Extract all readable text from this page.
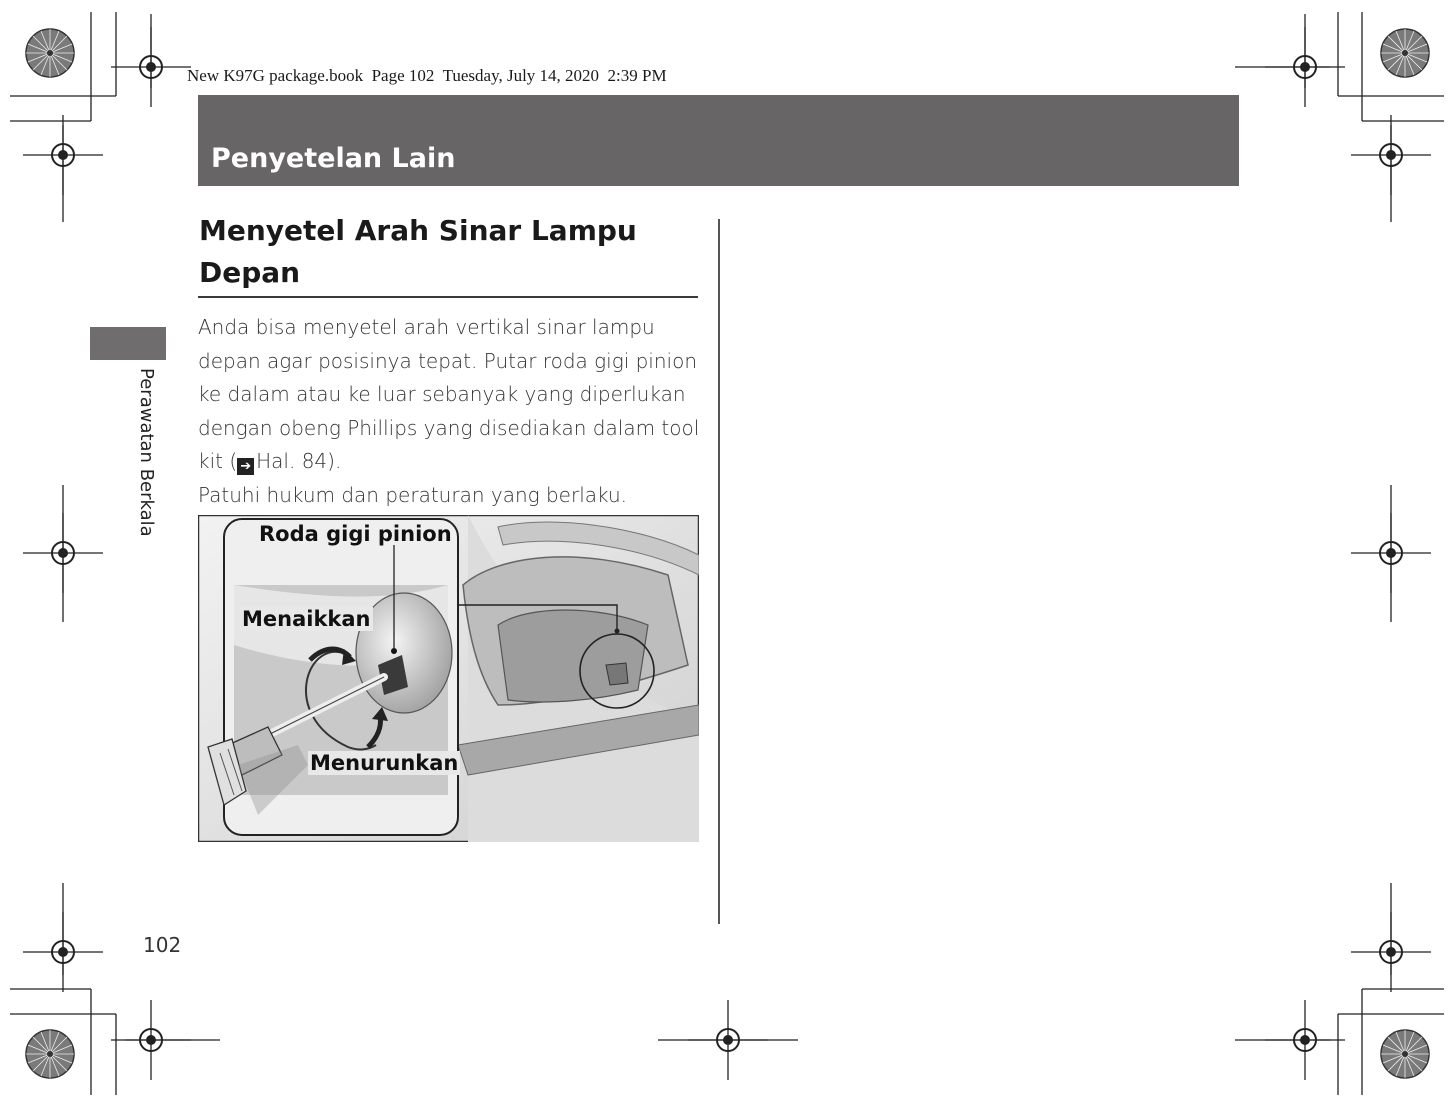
New K97G package.book  Page 102  Tuesday, July 14, 2020  2:39 PM
Penyetelan Lain
Perawatan Berkala
Menyetel Arah Sinar Lampu Depan

Anda bisa menyetel arah vertikal sinar lampu depan agar posisinya tepat. Putar roda gigi pinion ke dalam atau ke luar sebanyak yang diperlukan dengan obeng Phillips yang disediakan dalam tool kit ( ➔ Hal. 84).

Patuhi hukum dan peraturan yang berlaku.

Roda gigi pinion
Menaikkan
Menurunkan
102
